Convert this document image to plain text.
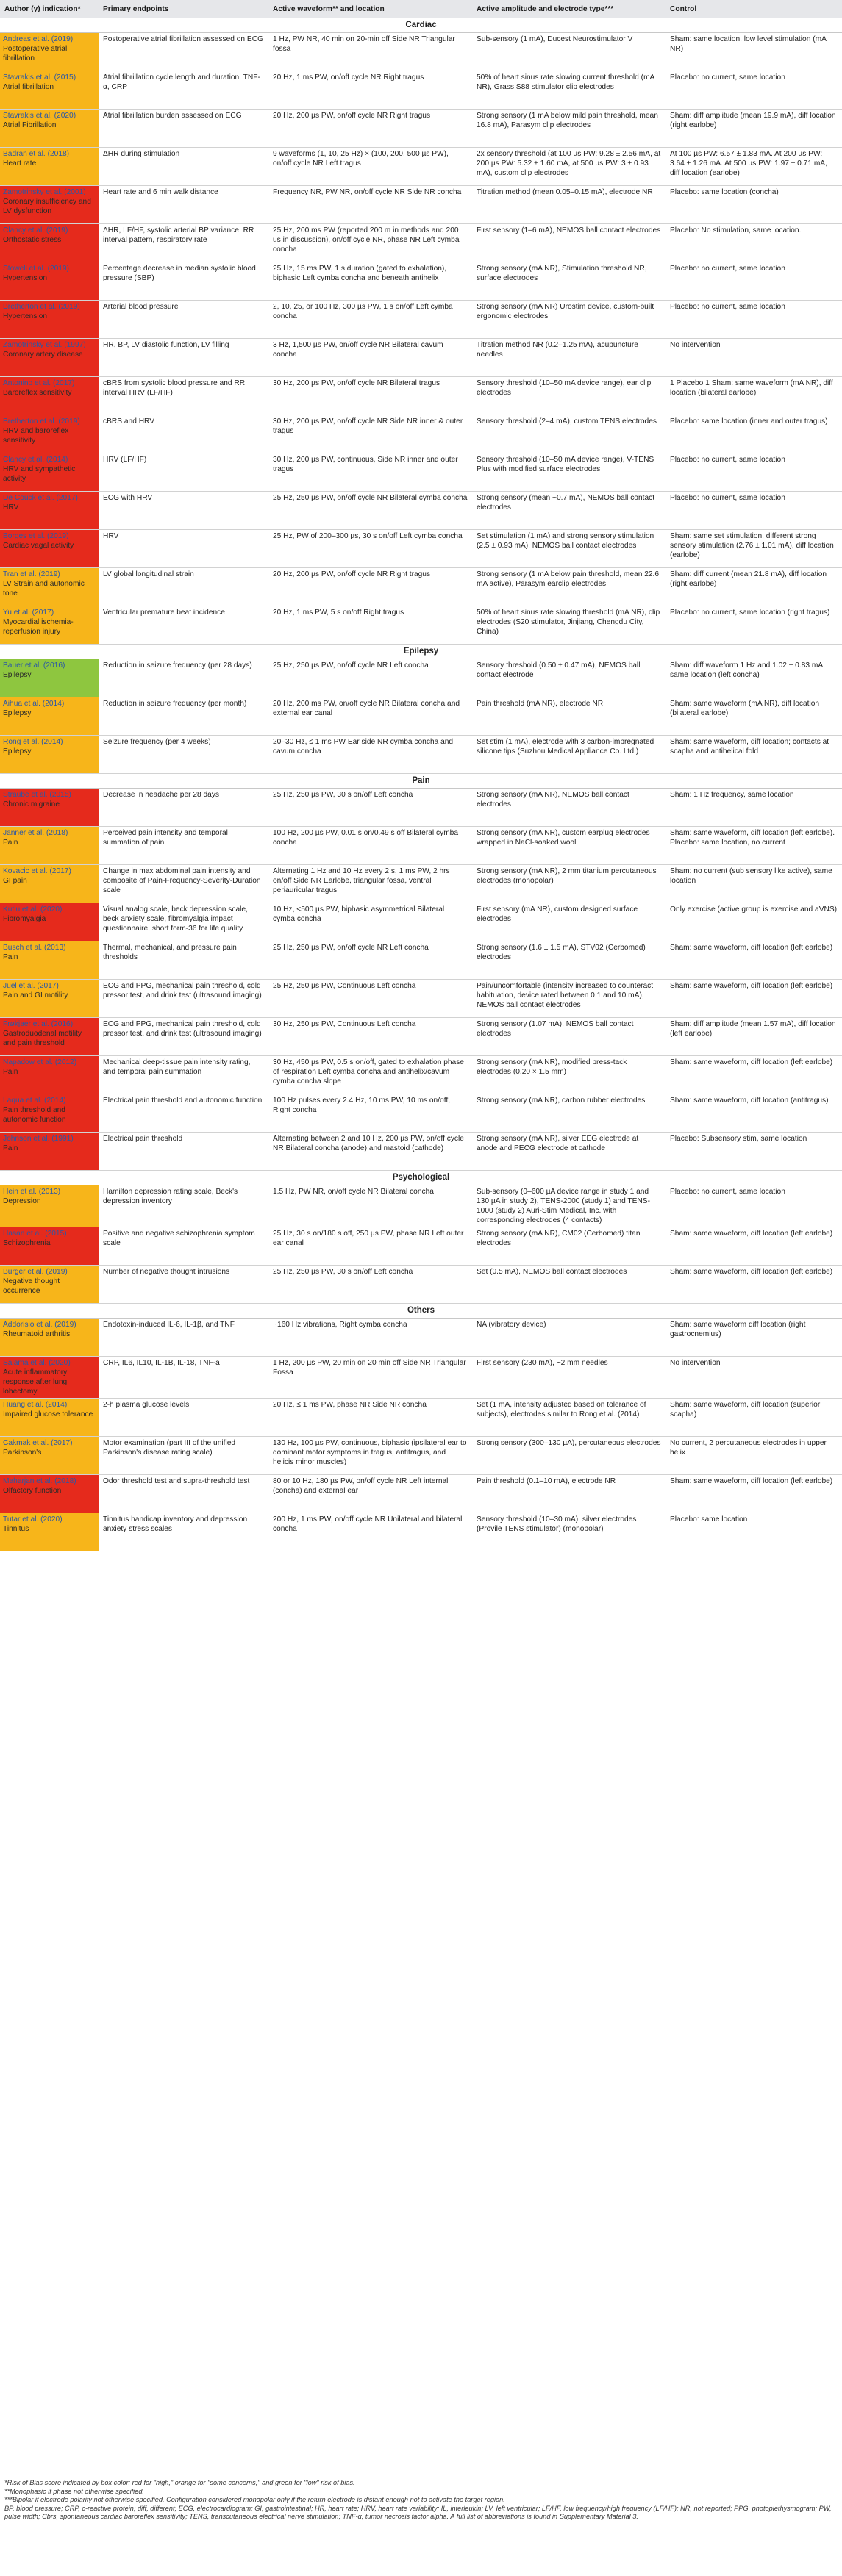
Author (y) indication*	Primary endpoints	Active waveform** and location	Active amplitude and electrode type***	Control
Cardiac				

Andreas et al. (2019)
Postoperative atrial fibrillation	Postoperative atrial fibrillation assessed on ECG	1 Hz, PW NR, 40 min on 20-min off Side NR Triangular fossa	Sub-sensory (1 mA), Ducest Neurostimulator V	Sham: same location, low level stimulation (mA NR)

Stavrakis et al. (2015)
Atrial fibrillation	Atrial fibrillation cycle length and duration, TNF-α, CRP	20 Hz, 1 ms PW, on/off cycle NR Right tragus	50% of heart sinus rate slowing current threshold (mA NR), Grass S88 stimulator clip electrodes	Placebo: no current, same location

Stavrakis et al. (2020)
Atrial Fibrillation	Atrial fibrillation burden assessed on ECG	20 Hz, 200 µs PW, on/off cycle NR Right tragus	Strong sensory (1 mA below mild pain threshold, mean 16.8 mA), Parasym clip electrodes	Sham: diff amplitude (mean 19.9 mA), diff location (right earlobe)

Badran et al. (2018)
Heart rate	ΔHR during stimulation	9 waveforms (1, 10, 25 Hz) × (100, 200, 500 µs PW), on/off cycle NR Left tragus	2x sensory threshold (at 100 µs PW: 9.28 ± 2.56 mA, at 200 µs PW: 5.32 ± 1.60 mA, at 500 µs PW: 3 ± 0.93 mA), custom clip electrodes	At 100 µs PW: 6.57 ± 1.83 mA. At 200 µs PW: 3.64 ± 1.26 mA. At 500 µs PW: 1.97 ± 0.71 mA, diff location (earlobe)

Zamotrinsky et al. (2001)
Coronary insufficiency and LV dysfunction	Heart rate and 6 min walk distance	Frequency NR, PW NR, on/off cycle NR Side NR concha	Titration method (mean 0.05–0.15 mA), electrode NR	Placebo: same location (concha)

Clancy et al. (2019)
Orthostatic stress	ΔHR, LF/HF, systolic arterial BP variance, RR interval pattern, respiratory rate	25 Hz, 200 ms PW (reported 200 m in methods and 200 us in discussion), on/off cycle NR, phase NR Left cymba concha	First sensory (1–6 mA), NEMOS ball contact electrodes	Placebo: No stimulation, same location.

Stowell et al. (2019)
Hypertension	Percentage decrease in median systolic blood pressure (SBP)	25 Hz, 15 ms PW, 1 s duration (gated to exhalation), biphasic Left cymba concha and beneath antihelix	Strong sensory (mA NR), Stimulation threshold NR, surface electrodes	Placebo: no current, same location

Bretherton et al. (2019)
Hypertension	Arterial blood pressure	2, 10, 25, or 100 Hz, 300 µs PW, 1 s on/off Left cymba concha	Strong sensory (mA NR) Urostim device, custom-built ergonomic electrodes	Placebo: no current, same location

Zamotrinsky et al. (1997)
Coronary artery disease	HR, BP, LV diastolic function, LV filling	3 Hz, 1,500 µs PW, on/off cycle NR Bilateral cavum concha	Titration method NR (0.2–1.25 mA), acupuncture needles	No intervention

Antonino et al. (2017)
Baroreflex sensitivity	cBRS from systolic blood pressure and RR interval HRV (LF/HF)	30 Hz, 200 µs PW, on/off cycle NR Bilateral tragus	Sensory threshold (10–50 mA device range), ear clip electrodes	1 Placebo 1 Sham: same waveform (mA NR), diff location (bilateral earlobe)

Bretherton et al. (2019)
HRV and baroreflex sensitivity	cBRS and HRV	30 Hz, 200 µs PW, on/off cycle NR Side NR inner & outer tragus	Sensory threshold (2–4 mA), custom TENS electrodes	Placebo: same location (inner and outer tragus)

Clancy et al. (2014)
HRV and sympathetic activity	HRV (LF/HF)	30 Hz, 200 µs PW, continuous, Side NR inner and outer tragus	Sensory threshold (10–50 mA device range), V-TENS Plus with modified surface electrodes	Placebo: no current, same location

De Couck et al. (2017)
HRV	ECG with HRV	25 Hz, 250 µs PW, on/off cycle NR Bilateral cymba concha	Strong sensory (mean ~0.7 mA), NEMOS ball contact electrodes	Placebo: no current, same location

Borges et al. (2019)
Cardiac vagal activity	HRV	25 Hz, PW of 200–300 µs, 30 s on/off Left cymba concha	Set stimulation (1 mA) and strong sensory stimulation (2.5 ± 0.93 mA), NEMOS ball contact electrodes	Sham: same set stimulation, different strong sensory stimulation (2.76 ± 1.01 mA), diff location (earlobe)

Tran et al. (2019)
LV Strain and autonomic tone	LV global longitudinal strain	20 Hz, 200 µs PW, on/off cycle NR Right tragus	Strong sensory (1 mA below pain threshold, mean 22.6 mA active), Parasym earclip electrodes	Sham: diff current (mean 21.8 mA), diff location (right earlobe)

Yu et al. (2017)
Myocardial ischemia-reperfusion injury	Ventricular premature beat incidence	20 Hz, 1 ms PW, 5 s on/off Right tragus	50% of heart sinus rate slowing threshold (mA NR), clip electrodes (S20 stimulator, Jinjiang, Chengdu City, China)	Placebo: no current, same location (right tragus)
Epilepsy				

Bauer et al. (2016)
Epilepsy	Reduction in seizure frequency (per 28 days)	25 Hz, 250 µs PW, on/off cycle NR Left concha	Sensory threshold (0.50 ± 0.47 mA), NEMOS ball contact electrode	Sham: diff waveform 1 Hz and 1.02 ± 0.83 mA, same location (left concha)

Aihua et al. (2014)
Epilepsy	Reduction in seizure frequency (per month)	20 Hz, 200 ms PW, on/off cycle NR Bilateral concha and external ear canal	Pain threshold (mA NR), electrode NR	Sham: same waveform (mA NR), diff location (bilateral earlobe)

Rong et al. (2014)
Epilepsy	Seizure frequency (per 4 weeks)	20–30 Hz, ≤ 1 ms PW Ear side NR cymba concha and cavum concha	Set stim (1 mA), electrode with 3 carbon-impregnated silicone tips (Suzhou Medical Appliance Co. Ltd.)	Sham: same waveform, diff location; contacts at scapha and antihelical fold
Pain				

Straube et al. (2015)
Chronic migraine	Decrease in headache per 28 days	25 Hz, 250 µs PW, 30 s on/off Left concha	Strong sensory (mA NR), NEMOS ball contact electrodes	Sham: 1 Hz frequency, same location

Janner et al. (2018)
Pain	Perceived pain intensity and temporal summation of pain	100 Hz, 200 µs PW, 0.01 s on/0.49 s off Bilateral cymba concha	Strong sensory (mA NR), custom earplug electrodes wrapped in NaCl-soaked wool	Sham: same waveform, diff location (left earlobe). Placebo: same location, no current

Kovacic et al. (2017)
GI pain	Change in max abdominal pain intensity and composite of Pain-Frequency-Severity-Duration scale	Alternating 1 Hz and 10 Hz every 2 s, 1 ms PW, 2 hrs on/off Side NR Earlobe, triangular fossa, ventral periauricular tragus	Strong sensory (mA NR), 2 mm titanium percutaneous electrodes (monopolar)	Sham: no current (sub sensory like active), same location

Kutlu et al. (2020)
Fibromyalgia	Visual analog scale, beck depression scale, beck anxiety scale, fibromyalgia impact questionnaire, short form-36 for life quality	10 Hz, <500 µs PW, biphasic asymmetrical Bilateral cymba concha	First sensory (mA NR), custom designed surface electrodes	Only exercise (active group is exercise and aVNS)

Busch et al. (2013)
Pain	Thermal, mechanical, and pressure pain thresholds	25 Hz, 250 µs PW, on/off cycle NR Left concha	Strong sensory (1.6 ± 1.5 mA), STV02 (Cerbomed) electrodes	Sham: same waveform, diff location (left earlobe)

Juel et al. (2017)
Pain and GI motility	ECG and PPG, mechanical pain threshold, cold pressor test, and drink test (ultrasound imaging)	25 Hz, 250 µs PW, Continuous Left concha	Pain/uncomfortable (intensity increased to counteract habituation, device rated between 0.1 and 10 mA), NEMOS ball contact electrodes	Sham: same waveform, diff location (left earlobe)

Frøkjaer et al. (2016)
Gastroduodenal motility and pain threshold	ECG and PPG, mechanical pain threshold, cold pressor test, and drink test (ultrasound imaging)	30 Hz, 250 µs PW, Continuous Left concha	Strong sensory (1.07 mA), NEMOS ball contact electrodes	Sham: diff amplitude (mean 1.57 mA), diff location (left earlobe)

Napadow et al. (2012)
Pain	Mechanical deep-tissue pain intensity rating, and temporal pain summation	30 Hz, 450 µs PW, 0.5 s on/off, gated to exhalation phase of respiration Left cymba concha and antihelix/cavum cymba concha slope	Strong sensory (mA NR), modified press-tack electrodes (0.20 × 1.5 mm)	Sham: same waveform, diff location (left earlobe)

Laqua et al. (2014)
Pain threshold and autonomic function	Electrical pain threshold and autonomic function	100 Hz pulses every 2.4 Hz, 10 ms PW, 10 ms on/off, Right concha	Strong sensory (mA NR), carbon rubber electrodes	Sham: same waveform, diff location (antitragus)

Johnson et al. (1991)
Pain	Electrical pain threshold	Alternating between 2 and 10 Hz, 200 µs PW, on/off cycle NR Bilateral concha (anode) and mastoid (cathode)	Strong sensory (mA NR), silver EEG electrode at anode and PECG electrode at cathode	Placebo: Subsensory stim, same location
Psychological				

Hein et al. (2013)
Depression	Hamilton depression rating scale, Beck's depression inventory	1.5 Hz, PW NR, on/off cycle NR Bilateral concha	Sub-sensory (0–600 µA device range in study 1 and 130 µA in study 2), TENS-2000 (study 1) and TENS-1000 (study 2) Auri-Stim Medical, Inc. with corresponding electrodes (4 contacts)	Placebo: no current, same location

Hasan et al. (2015)
Schizophrenia	Positive and negative schizophrenia symptom scale	25 Hz, 30 s on/180 s off, 250 µs PW, phase NR Left outer ear canal	Strong sensory (mA NR), CM02 (Cerbomed) titan electrodes	Sham: same waveform, diff location (left earlobe)

Burger et al. (2019)
Negative thought occurrence	Number of negative thought intrusions	25 Hz, 250 µs PW, 30 s on/off Left concha	Set (0.5 mA), NEMOS ball contact electrodes	Sham: same waveform, diff location (left earlobe)
Others				

Addorisio et al. (2019)
Rheumatoid arthritis	Endotoxin-induced IL-6, IL-1β, and TNF	~160 Hz vibrations, Right cymba concha	NA (vibratory device)	Sham: same waveform diff location (right gastrocnemius)

Salama et al. (2020)
Acute inflammatory response after lung lobectomy	CRP, IL6, IL10, IL-1B, IL-18, TNF-a	1 Hz, 200 µs PW, 20 min on 20 min off Side NR Triangular Fossa	First sensory (230 mA), ~2 mm needles	No intervention

Huang et al. (2014)
Impaired glucose tolerance	2-h plasma glucose levels	20 Hz, ≤ 1 ms PW, phase NR Side NR concha	Set (1 mA, intensity adjusted based on tolerance of subjects), electrodes similar to Rong et al. (2014)	Sham: same waveform, diff location (superior scapha)

Cakmak et al. (2017)
Parkinson's	Motor examination (part III of the unified Parkinson's disease rating scale)	130 Hz, 100 µs PW, continuous, biphasic (ipsilateral ear to dominant motor symptoms in tragus, antitragus, and helicis minor muscles)	Strong sensory (300–130 µA), percutaneous electrodes	No current, 2 percutaneous electrodes in upper helix

Maharjan et al. (2018)
Olfactory function	Odor threshold test and supra-threshold test	80 or 10 Hz, 180 µs PW, on/off cycle NR Left internal (concha) and external ear	Pain threshold (0.1–10 mA), electrode NR	Sham: same waveform, diff location (left earlobe)

Tutar et al. (2020)
Tinnitus	Tinnitus handicap inventory and depression anxiety stress scales	200 Hz, 1 ms PW, on/off cycle NR Unilateral and bilateral concha	Sensory threshold (10–30 mA), silver electrodes (Provile TENS stimulator) (monopolar)	Placebo: same location
*Risk of Bias score indicated by box color: red for "high," orange for "some concerns," and green for "low" risk of bias.
**Monophasic if phase not otherwise specified.
***Bipolar if electrode polarity not otherwise specified. Configuration considered monopolar only if the return electrode is distant enough not to activate the target region.
BP, blood pressure; CRP, c-reactive protein; diff, different; ECG, electrocardiogram; GI, gastrointestinal; HR, heart rate; HRV, heart rate variability; IL, interleukin; LV, left ventricular; LF/HF, low frequency/high frequency (LF/HF); NR, not reported; PPG, photoplethysmogram; PW, pulse width; Cbrs, spontaneous cardiac baroreflex sensitivity; TENS, transcutaneous electrical nerve stimulation; TNF-α, tumor necrosis factor alpha. A full list of abbreviations is found in Supplementary Material 3.
